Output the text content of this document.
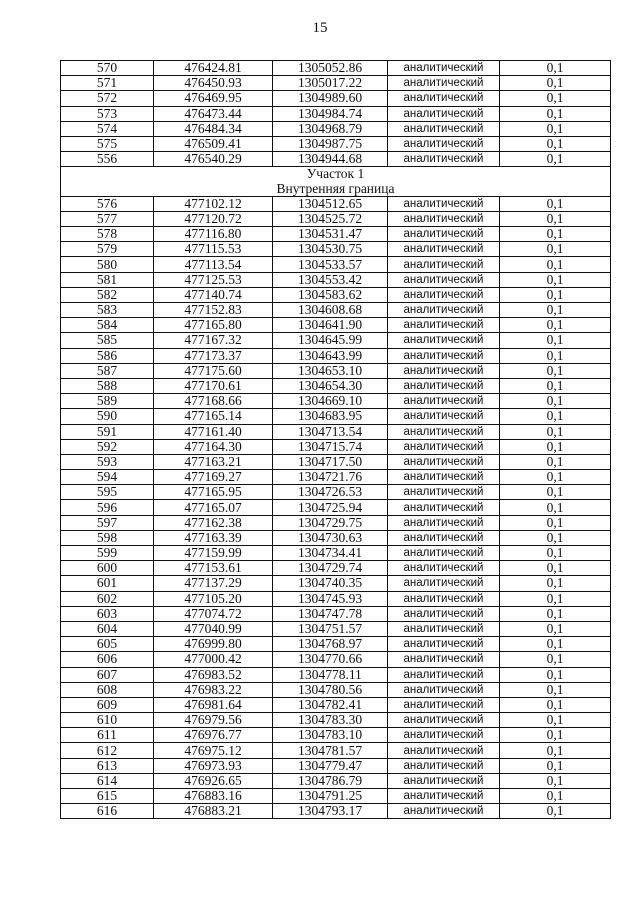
15
570	476424.81	1305052.86	аналитический	0,1
571	476450.93	1305017.22	аналитический	0,1
572	476469.95	1304989.60	аналитический	0,1
573	476473.44	1304984.74	аналитический	0,1
574	476484.34	1304968.79	аналитический	0,1
575	476509.41	1304987.75	аналитический	0,1
556	476540.29	1304944.68	аналитический	0,1
Участок 1				
Внутренняя граница				
576	477102.12	1304512.65	аналитический	0,1
577	477120.72	1304525.72	аналитический	0,1
578	477116.80	1304531.47	аналитический	0,1
579	477115.53	1304530.75	аналитический	0,1
580	477113.54	1304533.57	аналитический	0,1
581	477125.53	1304553.42	аналитический	0,1
582	477140.74	1304583.62	аналитический	0,1
583	477152.83	1304608.68	аналитический	0,1
584	477165.80	1304641.90	аналитический	0,1
585	477167.32	1304645.99	аналитический	0,1
586	477173.37	1304643.99	аналитический	0,1
587	477175.60	1304653.10	аналитический	0,1
588	477170.61	1304654.30	аналитический	0,1
589	477168.66	1304669.10	аналитический	0,1
590	477165.14	1304683.95	аналитический	0,1
591	477161.40	1304713.54	аналитический	0,1
592	477164.30	1304715.74	аналитический	0,1
593	477163.21	1304717.50	аналитический	0,1
594	477169.27	1304721.76	аналитический	0,1
595	477165.95	1304726.53	аналитический	0,1
596	477165.07	1304725.94	аналитический	0,1
597	477162.38	1304729.75	аналитический	0,1
598	477163.39	1304730.63	аналитический	0,1
599	477159.99	1304734.41	аналитический	0,1
600	477153.61	1304729.74	аналитический	0,1
601	477137.29	1304740.35	аналитический	0,1
602	477105.20	1304745.93	аналитический	0,1
603	477074.72	1304747.78	аналитический	0,1
604	477040.99	1304751.57	аналитический	0,1
605	476999.80	1304768.97	аналитический	0,1
606	477000.42	1304770.66	аналитический	0,1
607	476983.52	1304778.11	аналитический	0,1
608	476983.22	1304780.56	аналитический	0,1
609	476981.64	1304782.41	аналитический	0,1
610	476979.56	1304783.30	аналитический	0,1
611	476976.77	1304783.10	аналитический	0,1
612	476975.12	1304781.57	аналитический	0,1
613	476973.93	1304779.47	аналитический	0,1
614	476926.65	1304786.79	аналитический	0,1
615	476883.16	1304791.25	аналитический	0,1
616	476883.21	1304793.17	аналитический	0,1
